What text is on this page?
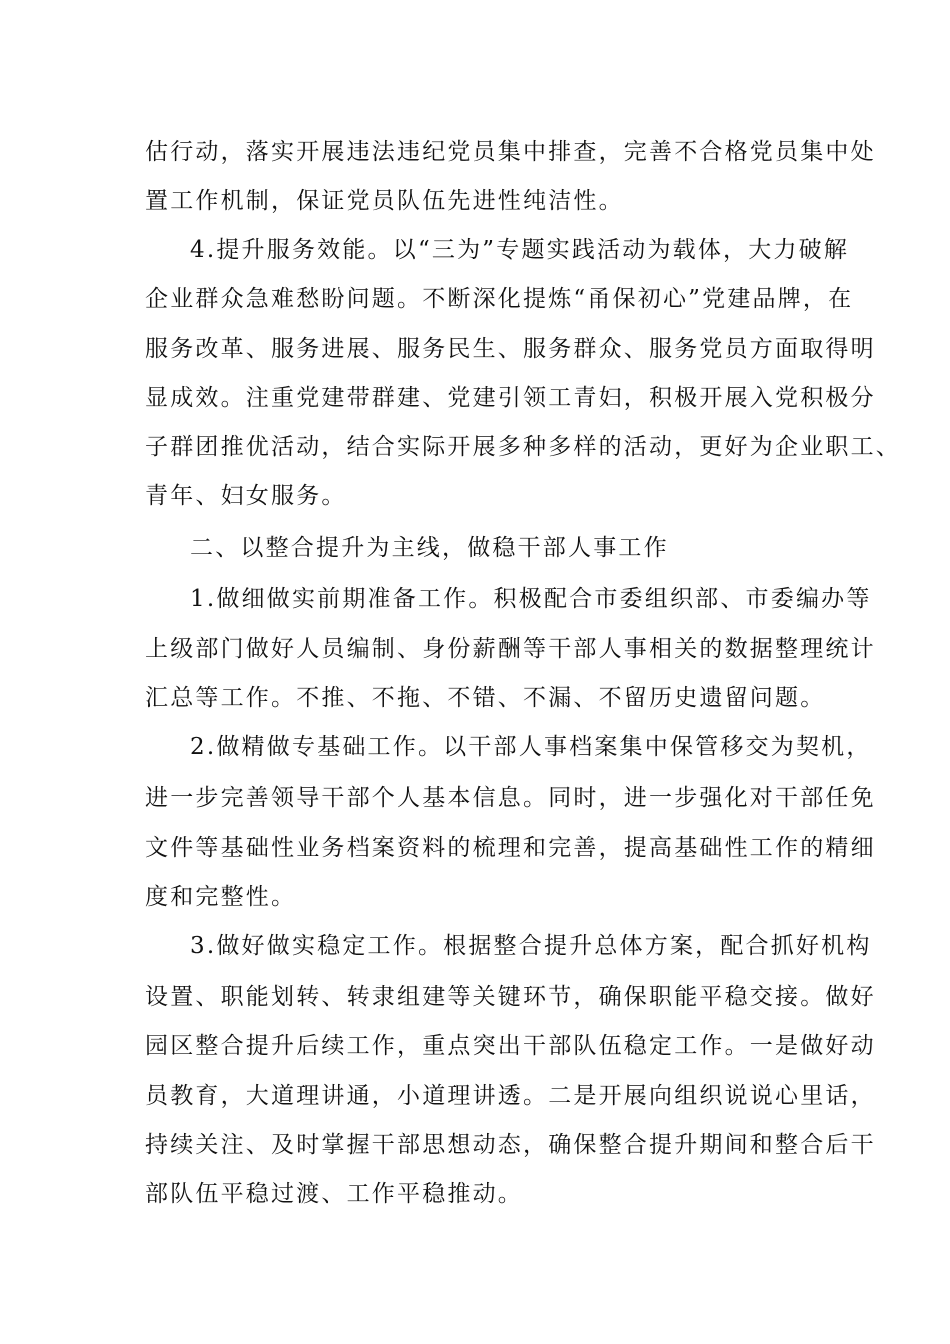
估行动，落实开展违法违纪党员集中排查，完善不合格党员集中处

置工作机制，保证党员队伍先进性纯洁性。

4.提升服务效能。以“三为”专题实践活动为载体，大力破解

企业群众急难愁盼问题。不断深化提炼“甬保初心”党建品牌，在

服务改革、服务进展、服务民生、服务群众、服务党员方面取得明

显成效。注重党建带群建、党建引领工青妇，积极开展入党积极分

子群团推优活动，结合实际开展多种多样的活动，更好为企业职工、

青年、妇女服务。

二、以整合提升为主线，做稳干部人事工作

1.做细做实前期准备工作。积极配合市委组织部、市委编办等

上级部门做好人员编制、身份薪酬等干部人事相关的数据整理统计

汇总等工作。不推、不拖、不错、不漏、不留历史遗留问题。

2.做精做专基础工作。以干部人事档案集中保管移交为契机，

进一步完善领导干部个人基本信息。同时，进一步强化对干部任免

文件等基础性业务档案资料的梳理和完善，提高基础性工作的精细

度和完整性。

3.做好做实稳定工作。根据整合提升总体方案，配合抓好机构

设置、职能划转、转隶组建等关键环节，确保职能平稳交接。做好

园区整合提升后续工作，重点突出干部队伍稳定工作。一是做好动

员教育，大道理讲通，小道理讲透。二是开展向组织说说心里话，

持续关注、及时掌握干部思想动态，确保整合提升期间和整合后干

部队伍平稳过渡、工作平稳推动。
